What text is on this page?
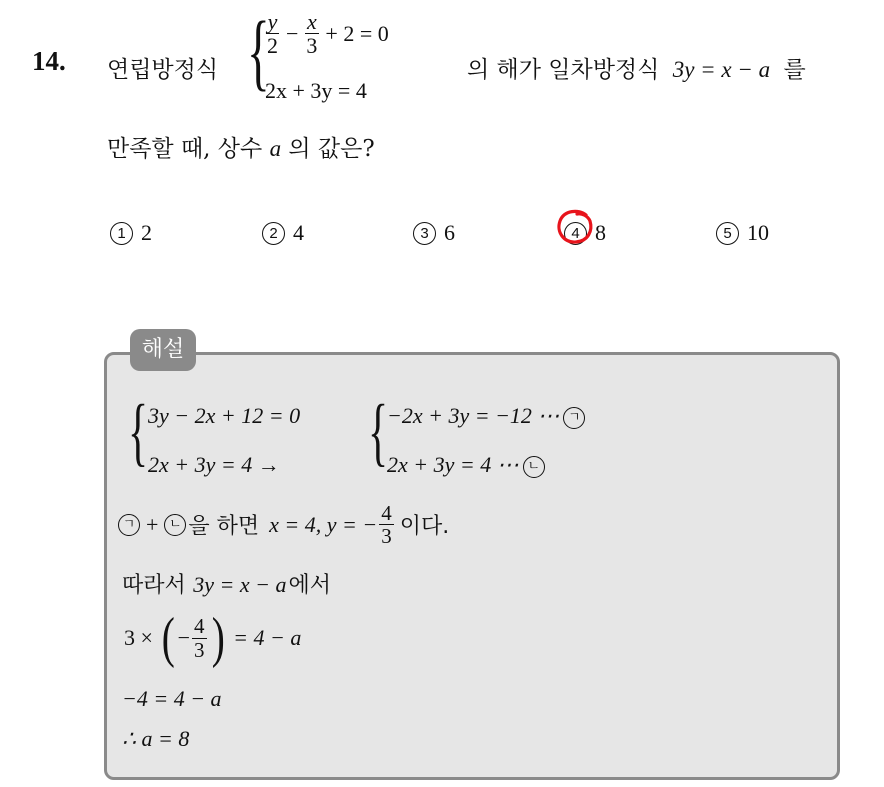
14. 연립방정식 {
$\frac{y}{2} - \frac{x}{3} + 2 = 0$
2x + 3y = 4
의 해가 일차방정식 3y = x − a 를
만족할 때, 상수 a 의 값은?
1 2	2 4	3 6	4 8	5 10
해설
{ 3y − 2x + 12 = 0
2x + 3y = 4 → {
−2x + 3y = −12 ⋯ ㄱ
2x + 3y = 4 ⋯ ㄴ
ㄱ + ㄴ 을 하면 x = 4, y = − $\frac{4}{3}$ 이다.
따라서 3y = x − a에서
3 × ( − $\frac{4}{3}$ ) = 4 − a
−4 = 4 − a
∴ a = 8
